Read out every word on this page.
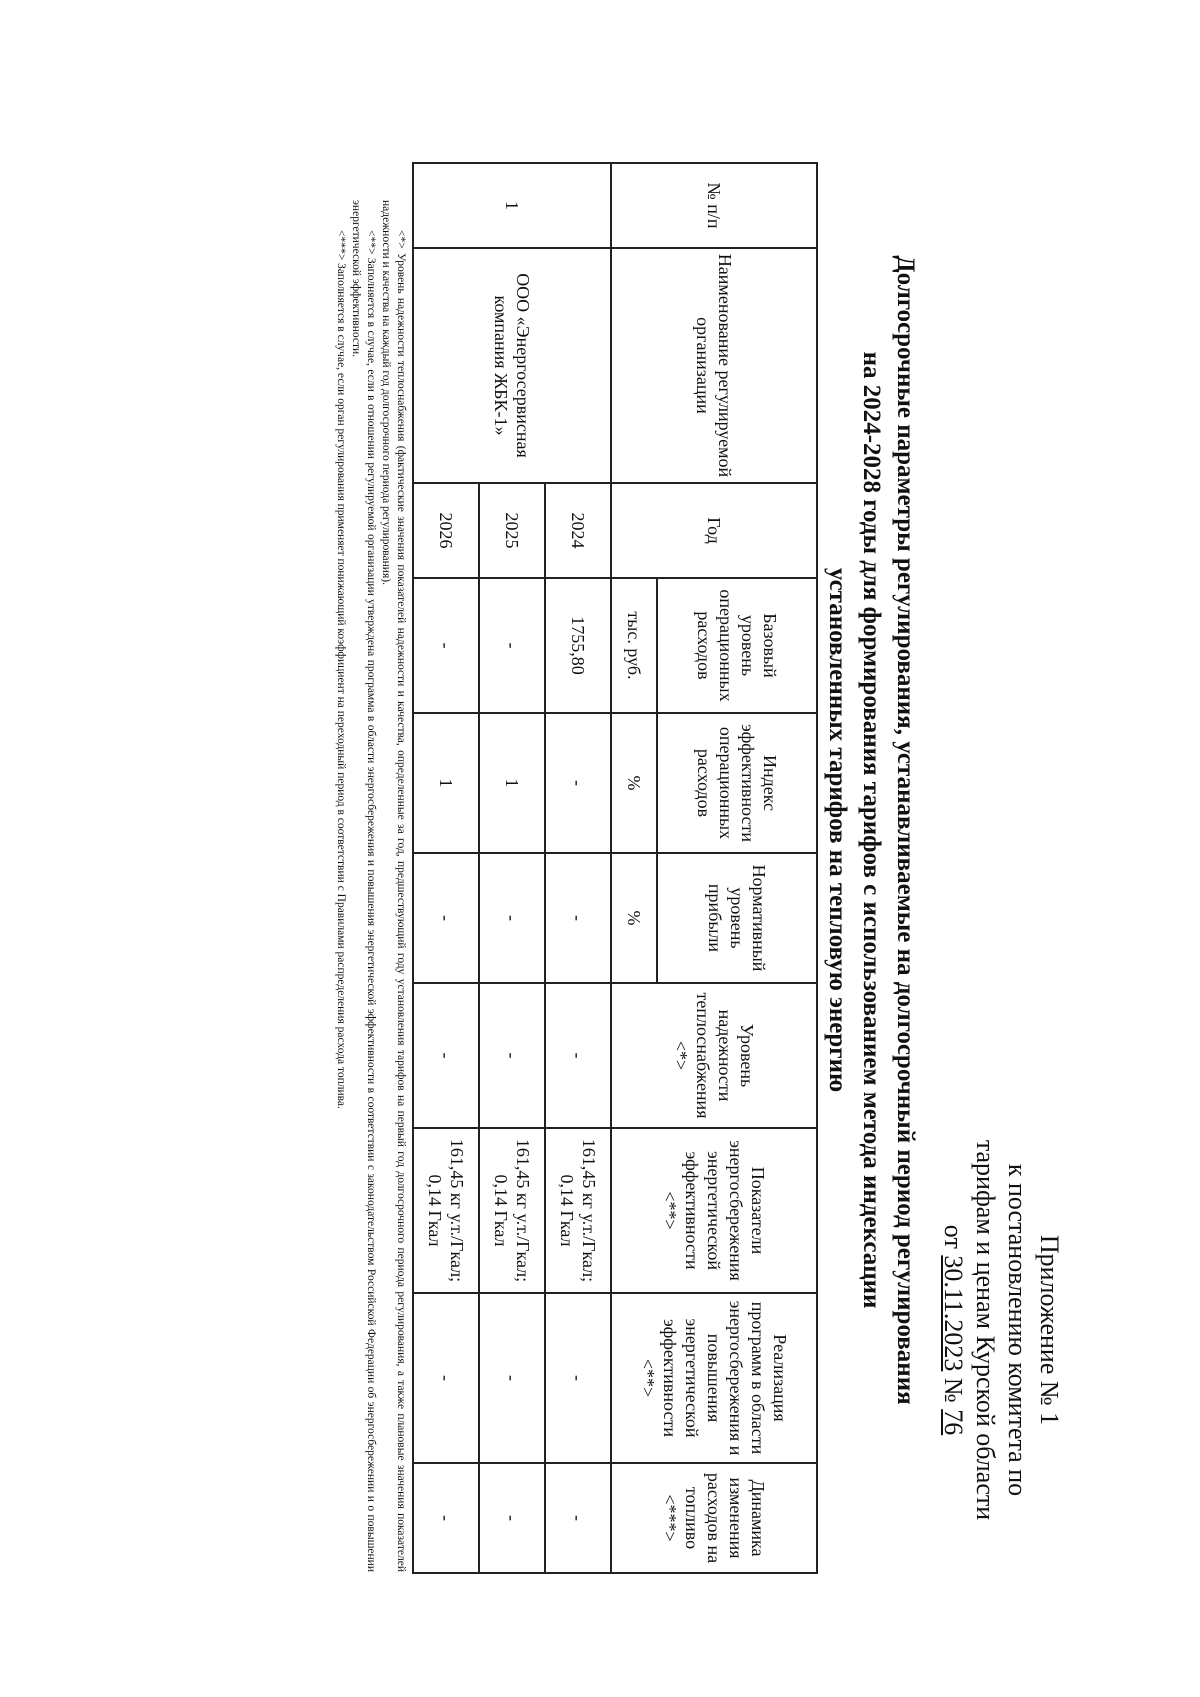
Приложение № 1
к постановлению комитета по
тарифам и ценам Курской области
от 30.11.2023 № 76
Долгосрочные параметры регулирования, устанавливаемые на долгосрочный период регулирования
на 2024-2028 годы для формирования тарифов с использованием метода индексации
установленных тарифов на тепловую энергию
№ п/п	Наименование регулируемой организации	Год	Базовый уровень операционных расходов	Индекс эффективности операционных расходов	Нормативный уровень прибыли	Уровень надежности теплоснабжения <*>	Показатели энергосбережения энергетической эффективности <**>	Реализация программ в области энергосбережения и повышения энергетической эффективности <**>	Динамика изменения расходов на топливо <***>
			тыс. руб.	%	%				
1	ООО «Энергосервисная компания ЖБК-1»	2024	1755,80	-	-	-	161,45 кг у.т./Гкал; 0,14 Гкал	-	-
		2025	-	1	-	-	161,45 кг у.т./Гкал; 0,14 Гкал	-	-
		2026	-	1	-	-	161,45 кг у.т./Гкал; 0,14 Гкал	-	-

<*> Уровень надежности теплоснабжения (фактические значения показателей надежности и качества, определенные за год, предшествующий году установления тарифов на первый год долгосрочного периода регулирования, а также плановые значения показателей надежности и качества на каждый год долгосрочного периода регулирования).

<**> Заполняется в случае, если в отношении регулируемой организации утверждена программа в области энергосбережения и повышения энергетической эффективности в соответствии с законодательством Российской Федерации об энергосбережении и о повышении энергетической эффективности.

<***> Заполняется в случае, если орган регулирования применяет понижающий коэффициент на переходный период в соответствии с Правилами распределения расхода топлива.
